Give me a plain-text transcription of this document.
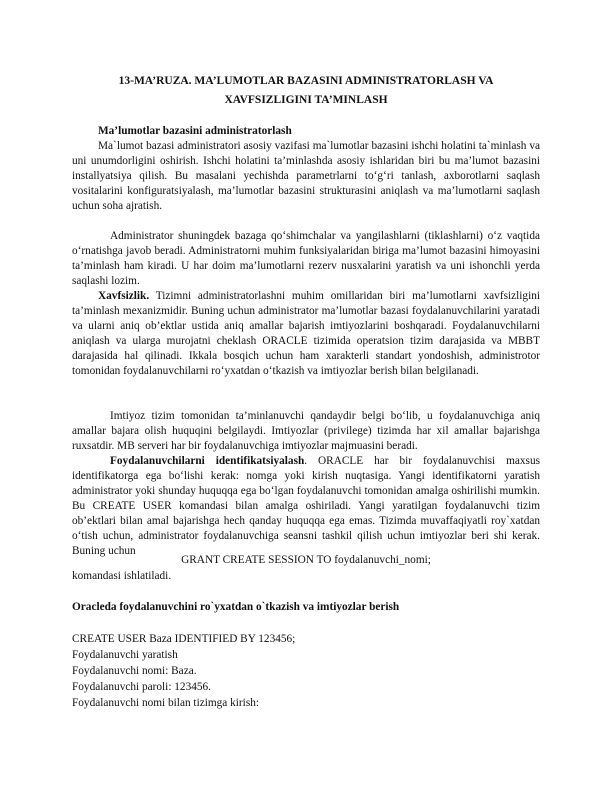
13-MA’RUZA. MA’LUMOTLAR BAZASINI ADMINISTRATORLASH VA
XAVFSIZLIGINI TA’MINLASH
Ma’lumotlar bazasini administratorlash

Ma`lumot bazasi administratori asosiy vazifasi ma`lumotlar bazasini ishchi holatini ta`minlash va uni unumdorligini oshirish. Ishchi holatini ta’minlashda asosiy ishlaridan biri bu ma’lumot bazasini installyatsiya qilish. Bu masalani yechishda parametrlarni to‘g‘ri tanlash, axborotlarni saqlash vositalarini konfiguratsiyalash, ma’lumotlar bazasini strukturasini aniqlash va ma’lumotlarni saqlash uchun soha ajratish.

Administrator shuningdek bazaga qo‘shimchalar va yangilashlarni (tiklashlarni) o‘z vaqtida o‘rnatishga javob beradi. Administratorni muhim funksiyalaridan biriga ma’lumot bazasini himoyasini ta’minlash ham kiradi. U har doim ma’lumotlarni rezerv nusxalarini yaratish va uni ishonchli yerda saqlashi lozim.

Xavfsizlik. Tizimni administratorlashni muhim omillaridan biri ma’lumotlarni xavfsizligini ta’minlash mexanizmidir. Buning uchun administrator ma’lumotlar bazasi foydalanuvchilarini yaratadi va ularni aniq ob’ektlar ustida aniq amallar bajarish imtiyozlarini boshqaradi. Foydalanuvchilarni aniqlash va ularga murojatni cheklash ORACLE tizimida operatsion tizim darajasida va MBBT darajasida hal qilinadi. Ikkala bosqich uchun ham xarakterli standart yondoshish, administrotor tomonidan foydalanuvchilarni ro‘yxatdan o‘tkazish va imtiyozlar berish bilan belgilanadi.

Imtiyoz tizim tomonidan ta’minlanuvchi qandaydir belgi bo‘lib, u foydalanuvchiga aniq amallar bajara olish huquqini belgilaydi. Imtiyozlar (privilege) tizimda har xil amallar bajarishga ruxsatdir. MB serveri har bir foydalanuvchiga imtiyozlar majmuasini beradi.

Foydalanuvchilarni identifikatsiyalash. ORACLE har bir foydalanuvchisi maxsus identifikatorga ega bo‘lishi kerak: nomga yoki kirish nuqtasiga. Yangi identifikatorni yaratish administrator yoki shunday huquqqa ega bo‘lgan foydalanuvchi tomonidan amalga oshirilishi mumkin. Bu CREATE USER komandasi bilan amalga oshiriladi. Yangi yaratilgan foydalanuvchi tizim ob’ektlari bilan amal bajarishga hech qanday huquqqa ega emas. Tizimda muvaffaqiyatli roy`xatdan o‘tish uchun, administrator foydalanuvchiga seansni tashkil qilish uchun imtiyozlar beri shi kerak. Buning uchun

GRANT CREATE SESSION TO foydalanuvchi_nomi;
komandasi ishlatiladi.
Oracleda foydalanuvchini ro`yxatdan o`tkazish va imtiyozlar berish
CREATE USER Baza IDENTIFIED BY 123456;
Foydalanuvchi yaratish
Foydalanuvchi nomi: Baza.
Foydalanuvchi paroli: 123456.
Foydalanuvchi nomi bilan tizimga kirish:
